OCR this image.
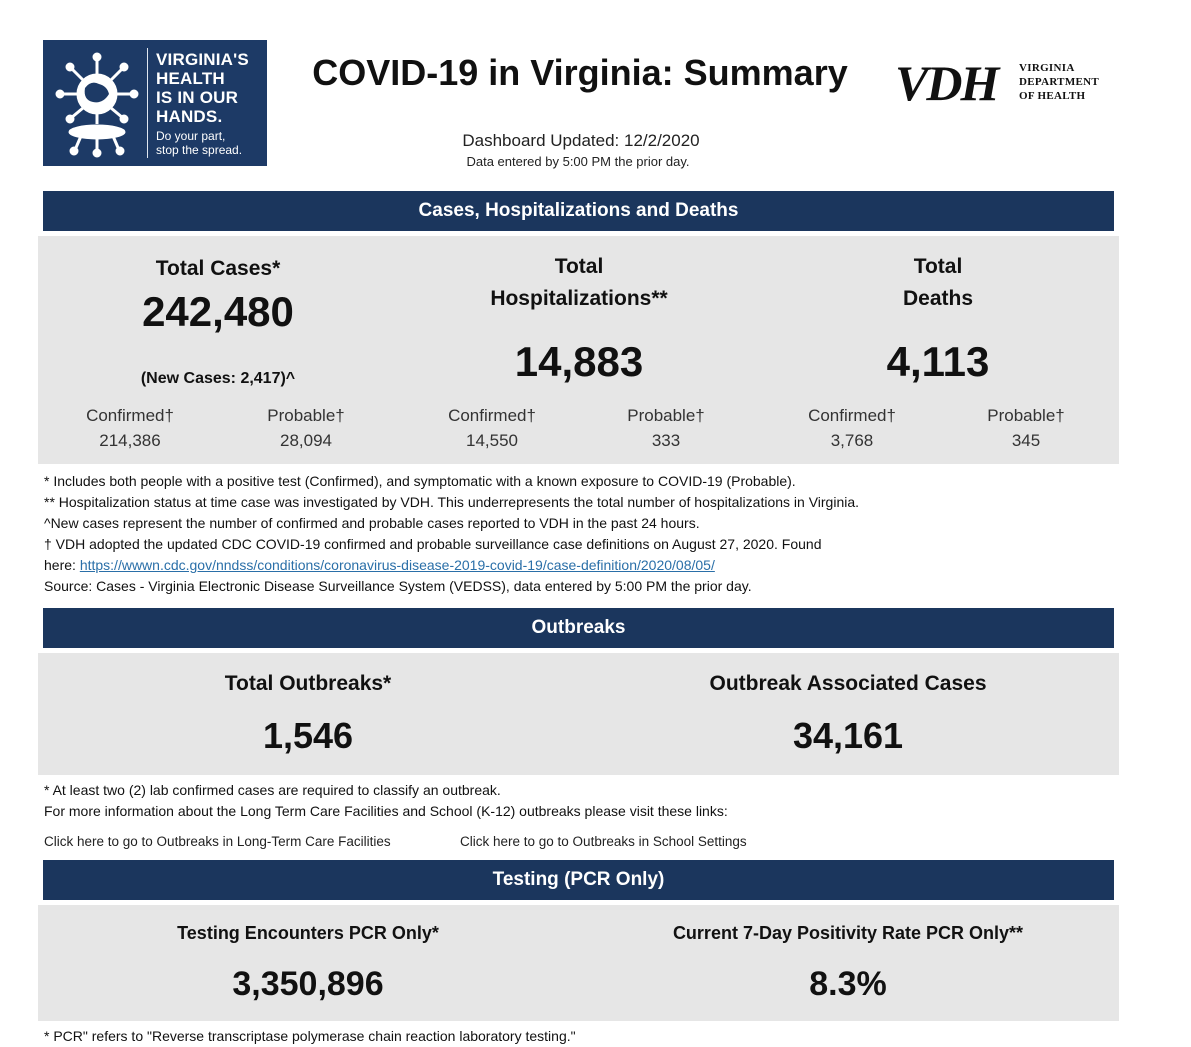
VIRGINIA'S
HEALTH
IS IN OUR
HANDS.
Do your part,
stop the spread.
COVID-19 in Virginia: Summary VDH VIRGINIA
DEPARTMENT
OF HEALTH
Dashboard Updated: 12/2/2020
Data entered by 5:00 PM the prior day.
Cases, Hospitalizations and Deaths
Total Cases*
242,480
(New Cases: 2,417)^
Confirmed†
214,386
Probable†
28,094
Total
Hospitalizations**
14,883
Confirmed†
14,550
Probable†
333
Total
Deaths
4,113
Confirmed†
3,768
Probable†
345
* Includes both people with a positive test (Confirmed), and symptomatic with a known exposure to COVID-19 (Probable).
** Hospitalization status at time case was investigated by VDH. This underrepresents the total number of hospitalizations in Virginia.
^New cases represent the number of confirmed and probable cases reported to VDH in the past 24 hours.
† VDH adopted the updated CDC COVID-19 confirmed and probable surveillance case definitions on August 27, 2020. Found
here: https://wwwn.cdc.gov/nndss/conditions/coronavirus-disease-2019-covid-19/case-definition/2020/08/05/
Source: Cases - Virginia Electronic Disease Surveillance System (VEDSS), data entered by 5:00 PM the prior day.
Outbreaks
Total Outbreaks*
1,546
Outbreak Associated Cases
34,161
* At least two (2) lab confirmed cases are required to classify an outbreak.
For more information about the Long Term Care Facilities and School (K-12) outbreaks please visit these links:
Click here to go to Outbreaks in Long-Term Care Facilities	Click here to go to Outbreaks in School Settings
Testing (PCR Only)
Testing Encounters PCR Only*
3,350,896
Current 7-Day Positivity Rate PCR Only**
8.3%
* PCR" refers to "Reverse transcriptase polymerase chain reaction laboratory testing."
